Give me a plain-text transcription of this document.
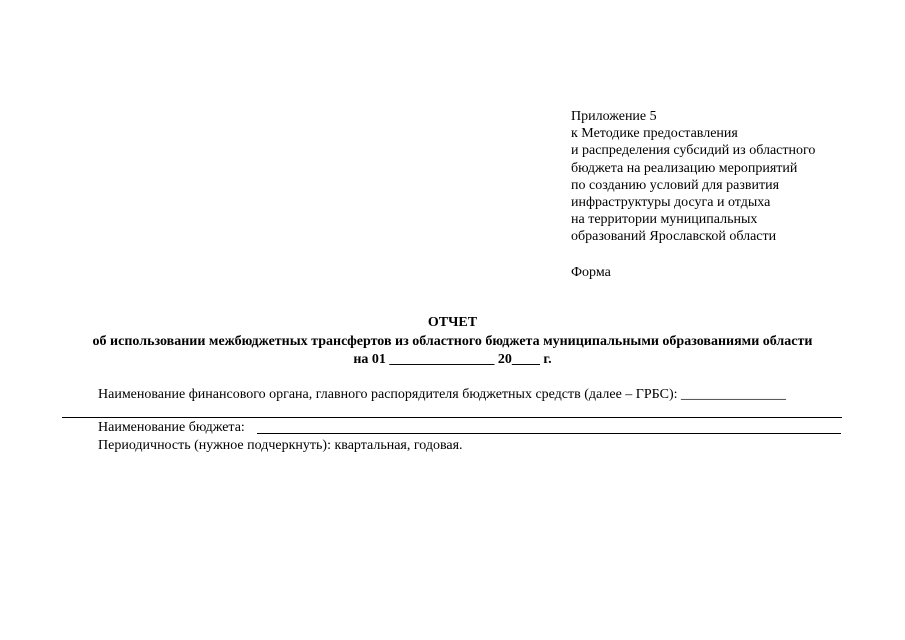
Приложение 5
к Методике предоставления
и распределения субсидий из областного
бюджета на реализацию мероприятий
по созданию условий для развития
инфраструктуры досуга и отдыха
на территории муниципальных
образований Ярославской области
Форма
ОТЧЕТ
об использовании межбюджетных трансфертов из областного бюджета муниципальными образованиями области
на 01 _______________ 20____ г.
Наименование финансового органа, главного распорядителя бюджетных средств (далее – ГРБС): _______________
Наименование бюджета:
Периодичность (нужное подчеркнуть): квартальная, годовая.
